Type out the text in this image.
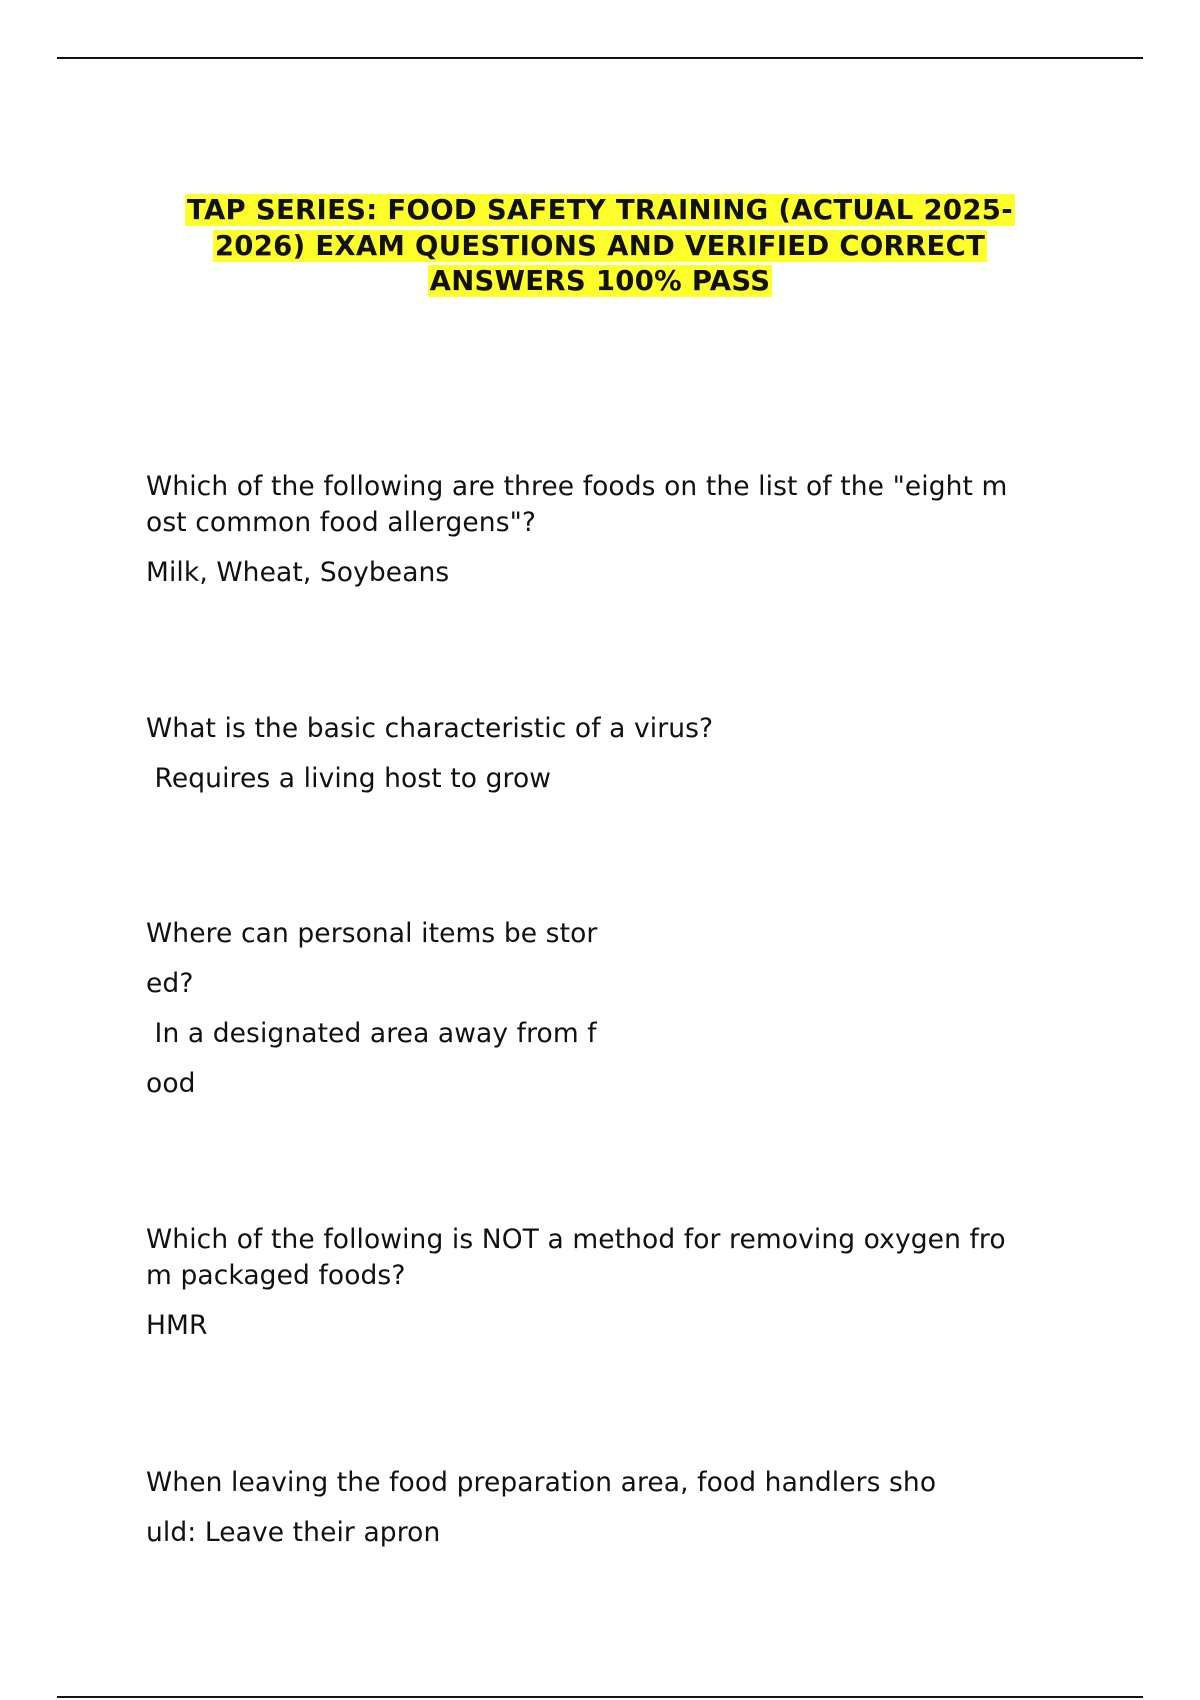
TAP SERIES: FOOD SAFETY TRAINING (ACTUAL 2025-
2026) EXAM QUESTIONS AND VERIFIED CORRECT
ANSWERS 100% PASS

Which of the following are three foods on the list of the "eight m

ost common food allergens"?

Milk, Wheat, Soybeans

What is the basic characteristic of a virus?

Requires a living host to grow

Where can personal items be stor

ed?

In a designated area away from f

ood

Which of the following is NOT a method for removing oxygen fro

m packaged foods?

HMR

When leaving the food preparation area, food handlers sho

uld: Leave their apron
